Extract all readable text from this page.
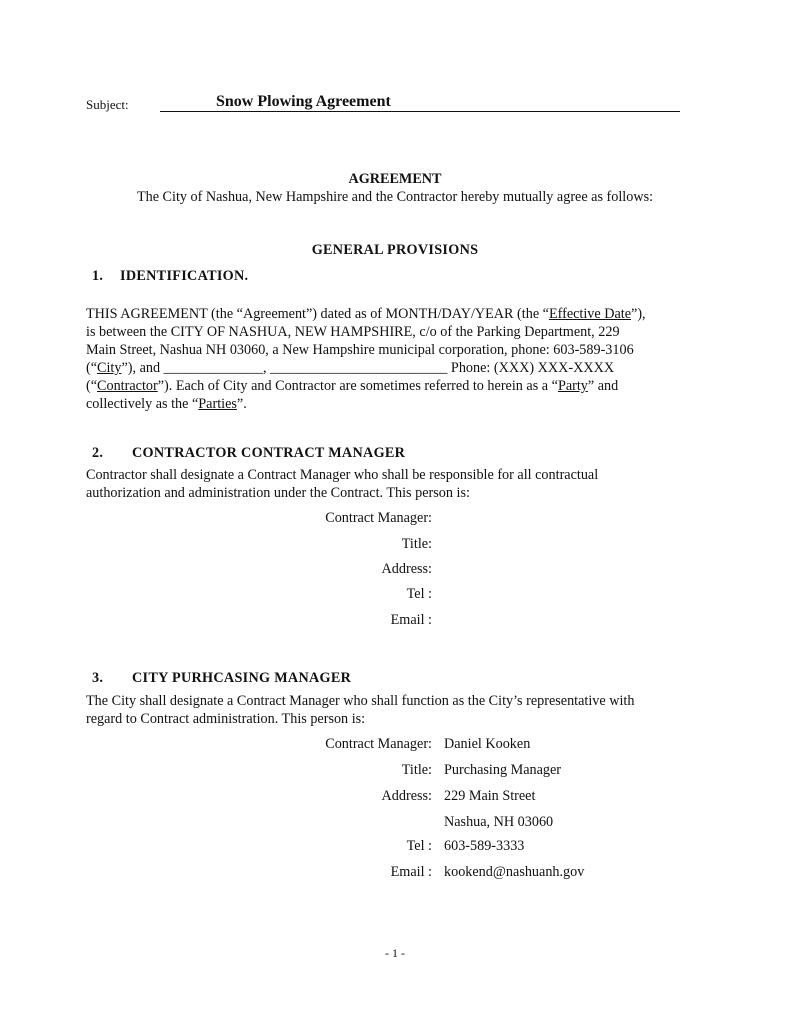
Subject:	Snow Plowing Agreement
AGREEMENT
The City of Nashua, New Hampshire and the Contractor hereby mutually agree as follows:
GENERAL PROVISIONS
1. IDENTIFICATION.
THIS AGREEMENT (the “Agreement”) dated as of MONTH/DAY/YEAR (the “Effective Date”),
is between the CITY OF NASHUA, NEW HAMPSHIRE, c/o of the Parking Department, 229
Main Street, Nashua NH 03060, a New Hampshire municipal corporation, phone: 603-589-3106
(“City”), and ______________, _________________________ Phone: (XXX) XXX-XXXX
(“Contractor”). Each of City and Contractor are sometimes referred to herein as a “Party” and
collectively as the “Parties”.
2. CONTRACTOR CONTRACT MANAGER
Contractor shall designate a Contract Manager who shall be responsible for all contractual
authorization and administration under the Contract. This person is:
Contract Manager:
Title:
Address:
Tel :
Email :
3. CITY PURHCASING MANAGER
The City shall designate a Contract Manager who shall function as the City’s representative with
regard to Contract administration. This person is:
Contract Manager: Daniel Kooken
Title: Purchasing Manager
Address: 229 Main Street
Nashua, NH 03060
Tel : 603-589-3333
Email : kookend@nashuanh.gov
- 1 -
